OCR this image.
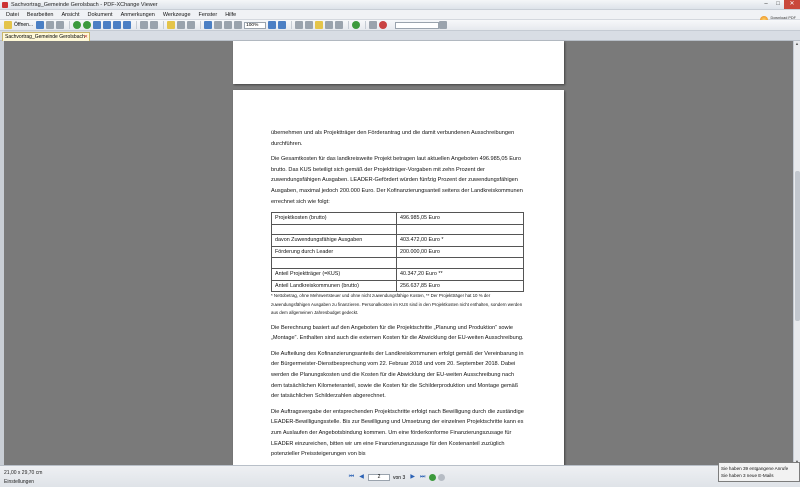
Sachvortrag_Gemeinde Gerolsbach - PDF-XChange Viewer	–	□	✕
Datei Bearbeiten Ansicht Dokument Anmerkungen Werkzeuge Fenster Hilfe	Download PDF

Öffnen...	100%
Sachvortrag_Gemeinde Gerolsbach ✕

übernehmen und als Projektträger den Förderantrag und die damit verbundenen Ausschreibungen durchführen.

Die Gesamtkosten für das landkreisweite Projekt betragen laut aktuellen Angeboten 496.985,05 Euro brutto. Das KUS beteiligt sich gemäß der Projektträger-Vorgaben mit zehn Prozent der zuwendungsfähigen Ausgaben. LEADER-Gefördert würden fünfzig Prozent der zuwendungsfähigen Ausgaben, maximal jedoch 200.000 Euro. Der Kofinanzierungsanteil seitens der Landkreiskommunen errechnet sich wie folgt:

Projektkosten (brutto)	496.985,05 Euro

davon Zuwendungsfähige Ausgaben	403.472,00 Euro *
Förderung durch Leader	200.000,00 Euro

Anteil Projektträger (=KUS)	40.347,20 Euro **
Anteil Landkreiskommunen (brutto)	256.637,85 Euro

* Nettobetrag, ohne Mehrwertsteuer und ohne nicht zuwendungsfähige Kosten, ** Der Projektträger hat 10 % der zuwendungsfähigen Ausgaben zu finanzieren. Personalkosten im KUS sind in den Projektkosten nicht enthalten, sondern werden aus dem allgemeinen Jahresbudget gedeckt.

Die Berechnung basiert auf den Angeboten für die Projektschritte „Planung und Produktion“ sowie „Montage“. Enthalten sind auch die externen Kosten für die Abwicklung der EU-weiten Ausschreibung.

Die Aufteilung des Kofinanzierungsanteils der Landkreiskommunen erfolgt gemäß der Vereinbarung in der Bürgermeister-Dienstbesprechung vom 22. Februar 2018 und vom 20. September 2018. Dabei werden die Planungskosten und die Kosten für die Abwicklung der EU-weiten Ausschreibung nach dem tatsächlichen Kilometeranteil, sowie die Kosten für die Schilderproduktion und Montage gemäß der tatsächlichen Schilderzahlen abgerechnet.

Die Auftragsvergabe der entsprechenden Projektschritte erfolgt nach Bewilligung durch die zuständige LEADER-Bewilligungsstelle. Bis zur Bewilligung und Umsetzung der einzelnen Projektschritte kann es zum Auslaufen der Angebotsbindung kommen. Um eine förderkonforme Finanzierungszusage für LEADER einzureichen, bitten wir um eine Finanzierungszusage für den Kostenanteil zuzüglich potenzieller Preissteigerungen von bis

▲
21,00 x 29,70 cm
Einstellungen
⏮ ◀	2	von 3 ▶ ⏭
Sie haben 39 entgangene Anrufe
Sie haben 3 neue E-Mails
